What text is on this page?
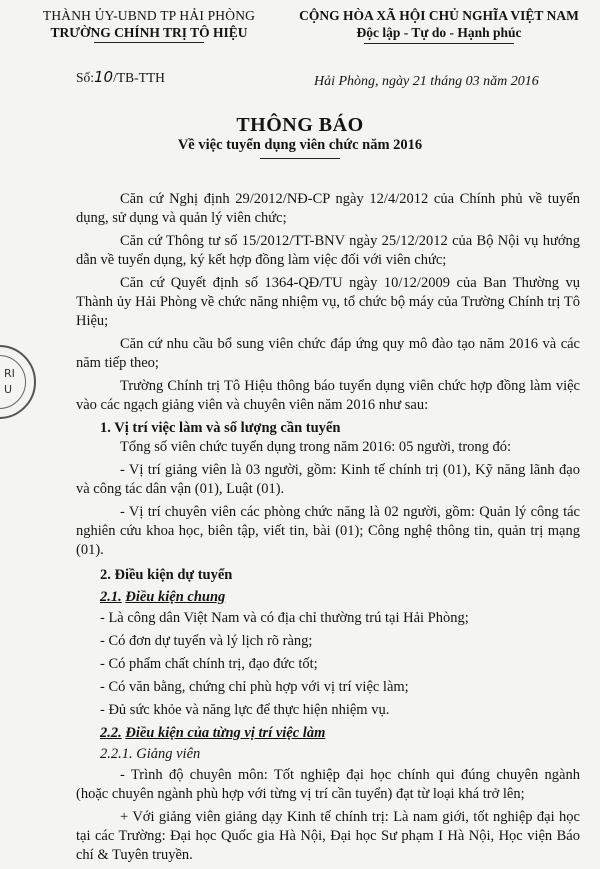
RI
U
THÀNH ỦY-UBND TP HẢI PHÒNG
TRƯỜNG CHÍNH TRỊ TÔ HIỆU
CỘNG HÒA XÃ HỘI CHỦ NGHĨA VIỆT NAM
Độc lập - Tự do - Hạnh phúc
Số:10/TB-TTH	Hải Phòng, ngày 21 tháng 03 năm 2016
THÔNG BÁO
Về việc tuyển dụng viên chức năm 2016

Căn cứ Nghị định 29/2012/NĐ-CP ngày 12/4/2012 của Chính phủ về tuyển dụng, sử dụng và quản lý viên chức;

Căn cứ Thông tư số 15/2012/TT-BNV ngày 25/12/2012 của Bộ Nội vụ hướng dẫn về tuyển dụng, ký kết hợp đồng làm việc đối với viên chức;

Căn cứ Quyết định số 1364-QĐ/TU ngày 10/12/2009 của Ban Thường vụ Thành ủy Hải Phòng về chức năng nhiệm vụ, tổ chức bộ máy của Trường Chính trị Tô Hiệu;

Căn cứ nhu cầu bổ sung viên chức đáp ứng quy mô đào tạo năm 2016 và các năm tiếp theo;

Trường Chính trị Tô Hiệu thông báo tuyển dụng viên chức hợp đồng làm việc vào các ngạch giảng viên và chuyên viên năm 2016 như sau:

1. Vị trí việc làm và số lượng cần tuyển

Tổng số viên chức tuyển dụng trong năm 2016: 05 người, trong đó:

- Vị trí giảng viên là 03 người, gồm: Kinh tế chính trị (01), Kỹ năng lãnh đạo và công tác dân vận (01), Luật (01).

- Vị trí chuyên viên các phòng chức năng là 02 người, gồm: Quản lý công tác nghiên cứu khoa học, biên tập, viết tin, bài (01); Công nghệ thông tin, quản trị mạng (01).

2. Điều kiện dự tuyển

2.1. Điều kiện chung

- Là công dân Việt Nam và có địa chỉ thường trú tại Hải Phòng;

- Có đơn dự tuyển và lý lịch rõ ràng;

- Có phẩm chất chính trị, đạo đức tốt;

- Có văn bằng, chứng chỉ phù hợp với vị trí việc làm;

- Đủ sức khỏe và năng lực để thực hiện nhiệm vụ.

2.2. Điều kiện của từng vị trí việc làm

2.2.1. Giảng viên

- Trình độ chuyên môn: Tốt nghiệp đại học chính qui đúng chuyên ngành (hoặc chuyên ngành phù hợp với từng vị trí cần tuyển) đạt từ loại khá trở lên;

+ Với giảng viên giảng dạy Kinh tế chính trị: Là nam giới, tốt nghiệp đại học tại các Trường: Đại học Quốc gia Hà Nội, Đại học Sư phạm I Hà Nội, Học viện Báo chí & Tuyên truyền.
